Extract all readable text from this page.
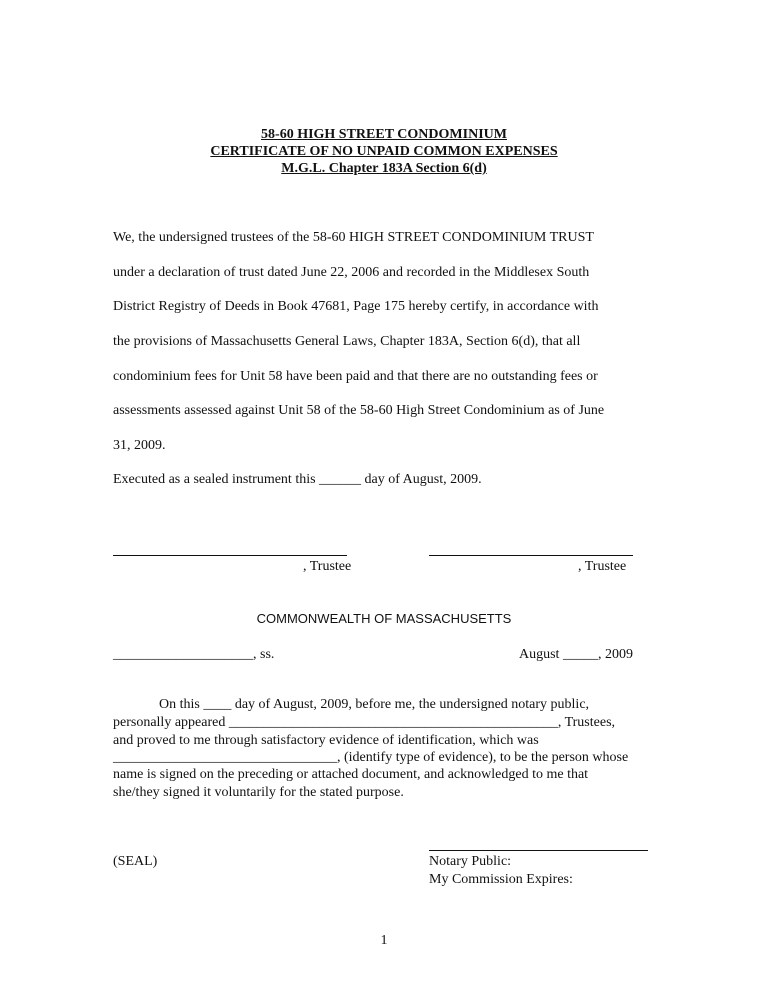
58-60 HIGH STREET CONDOMINIUM
CERTIFICATE OF NO UNPAID COMMON EXPENSES
M.G.L. Chapter 183A Section 6(d)
We, the undersigned trustees of the 58-60 HIGH STREET CONDOMINIUM TRUST
under a declaration of trust dated June 22, 2006 and recorded in the Middlesex South
District Registry of Deeds in Book 47681, Page 175 hereby certify, in accordance with
the provisions of Massachusetts General Laws, Chapter 183A, Section 6(d), that all
condominium fees for Unit 58 have been paid and that there are no outstanding fees or
assessments assessed against Unit 58 of the 58-60 High Street Condominium as of June
31, 2009.
Executed as a sealed instrument this ______ day of August, 2009.
, Trustee	, Trustee
COMMONWEALTH OF MASSACHUSETTS
____________________, ss.	August _____, 2009
On this ____ day of August, 2009, before me, the undersigned notary public,
personally appeared _______________________________________________, Trustees,
and proved to me through satisfactory evidence of identification, which was
________________________________, (identify type of evidence), to be the person whose
name is signed on the preceding or attached document, and acknowledged to me that
she/they signed it voluntarily for the stated purpose.
(SEAL)	Notary Public:
My Commission Expires:
1
